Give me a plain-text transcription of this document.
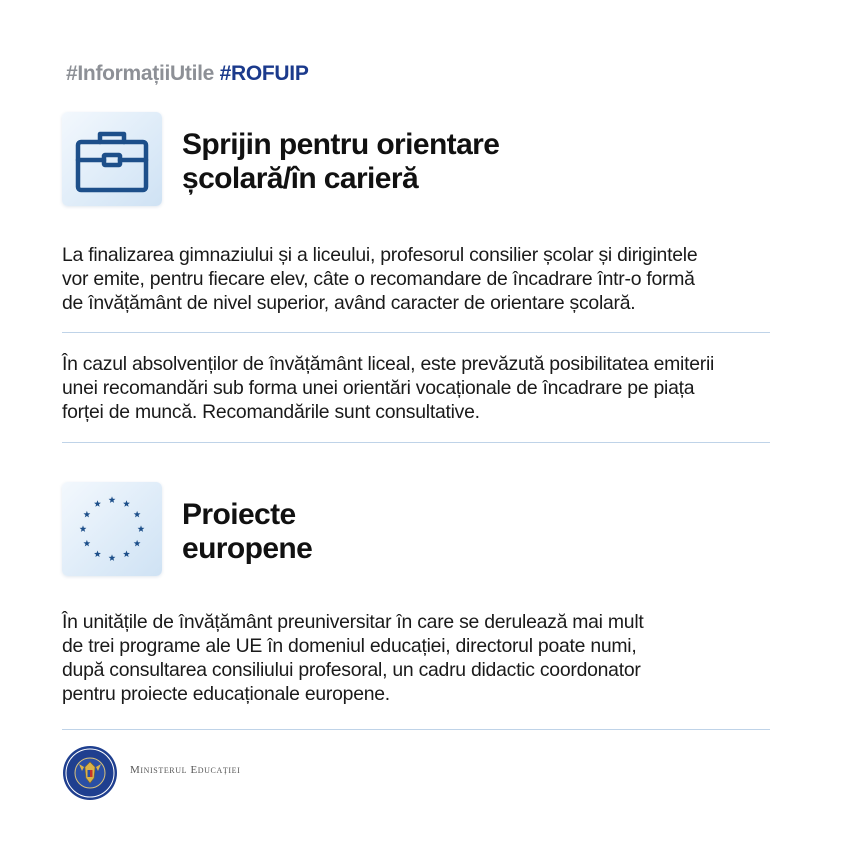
#InformațiiUtile #ROFUIP
Sprijin pentru orientare
școlară/în carieră

La finalizarea gimnaziului și a liceului, profesorul consilier școlar și dirigintele
vor emite, pentru fiecare elev, câte o recomandare de încadrare într-o formă
de învățământ de nivel superior, având caracter de orientare școlară.

În cazul absolvenților de învățământ liceal, este prevăzută posibilitatea emiterii
unei recomandări sub forma unei orientări vocaționale de încadrare pe piața
forței de muncă. Recomandările sunt consultative.

Proiecte
europene

În unitățile de învățământ preuniversitar în care se derulează mai mult
de trei programe ale UE în domeniul educației, directorul poate numi,
după consultarea consiliului profesoral, un cadru didactic coordonator
pentru proiecte educaționale europene.

Ministerul Educației
